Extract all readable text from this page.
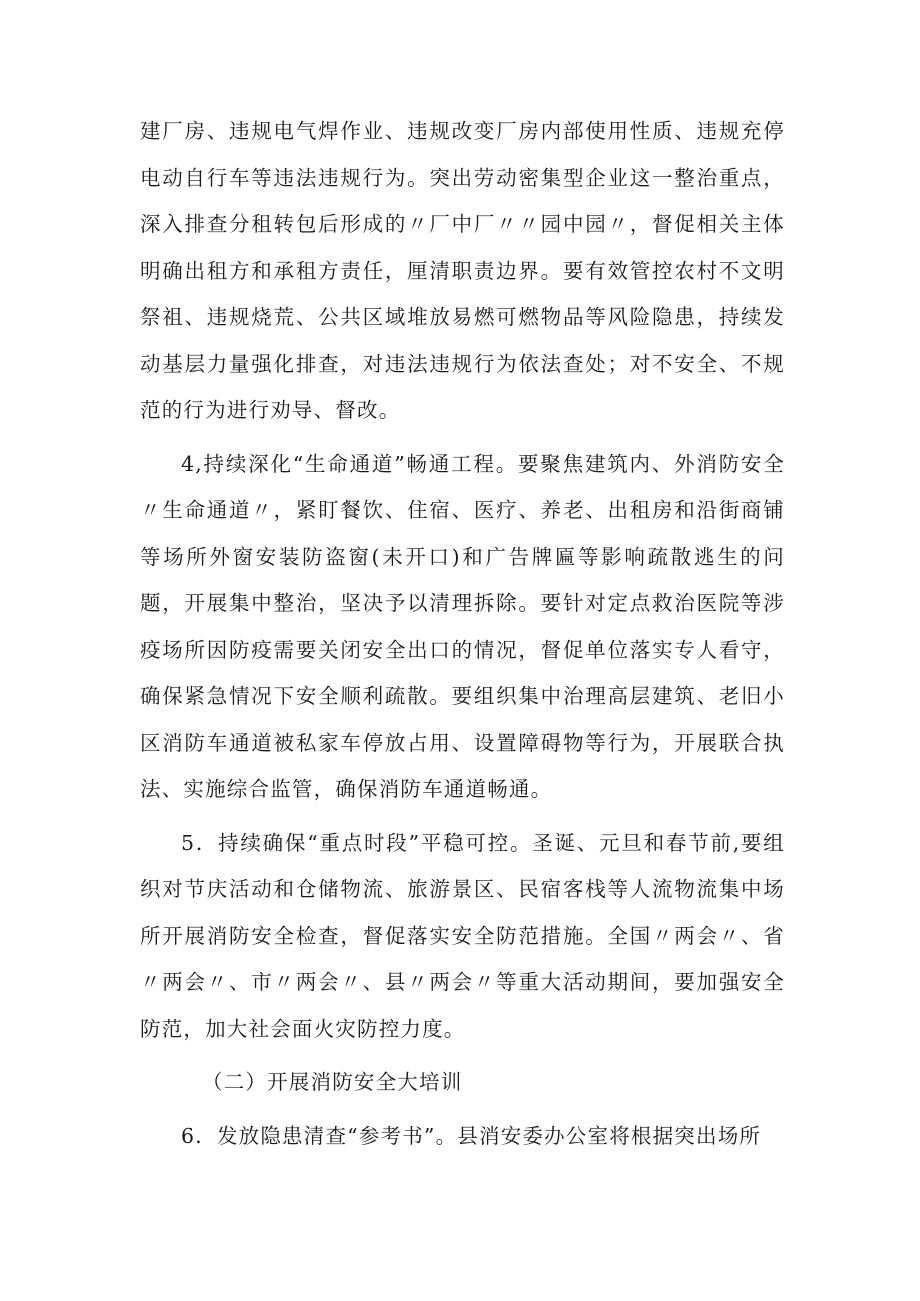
建厂房、违规电气焊作业、违规改变厂房内部使用性质、违规充停电动自行车等违法违规行为。突出劳动密集型企业这一整治重点，深入排查分租转包后形成的〃厂中厂〃〃园中园〃，督促相关主体明确出租方和承租方责任，厘清职责边界。要有效管控农村不文明祭祖、违规烧荒、公共区域堆放易燃可燃物品等风险隐患，持续发动基层力量强化排查，对违法违规行为依法查处；对不安全、不规范的行为进行劝导、督改。

4,持续深化“生命通道”畅通工程。要聚焦建筑内、外消防安全〃生命通道〃，紧盯餐饮、住宿、医疗、养老、出租房和沿街商铺等场所外窗安装防盗窗(未开口)和广告牌匾等影响疏散逃生的问题，开展集中整治，坚决予以清理拆除。要针对定点救治医院等涉疫场所因防疫需要关闭安全出口的情况，督促单位落实专人看守，确保紧急情况下安全顺利疏散。要组织集中治理高层建筑、老旧小区消防车通道被私家车停放占用、设置障碍物等行为，开展联合执法、实施综合监管，确保消防车通道畅通。

5．持续确保“重点时段”平稳可控。圣诞、元旦和春节前,要组织对节庆活动和仓储物流、旅游景区、民宿客栈等人流物流集中场所开展消防安全检查，督促落实安全防范措施。全国〃两会〃、省〃两会〃、市〃两会〃、县〃两会〃等重大活动期间，要加强安全防范，加大社会面火灾防控力度。

（二）开展消防安全大培训

6．发放隐患清查“参考书”。县消安委办公室将根据突出场所
